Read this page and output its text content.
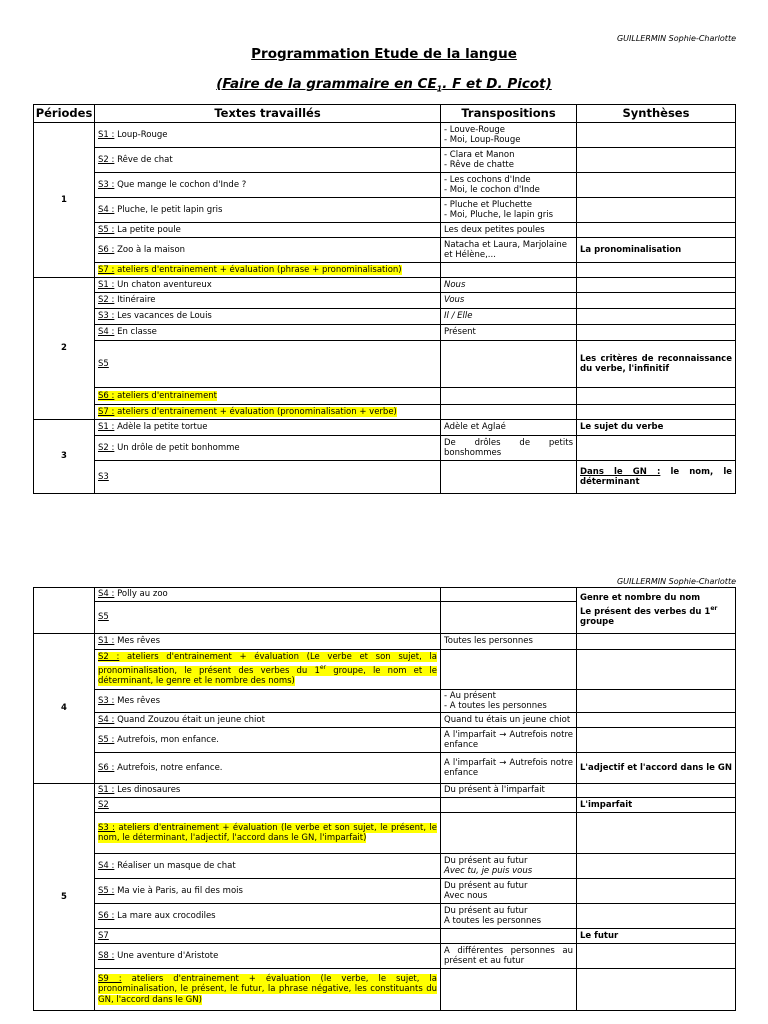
GUILLERMIN Sophie-Charlotte
Programmation Etude de la langue
(Faire de la grammaire en $CE_1$. F et D. Picot)
Périodes	Textes travaillés	Transpositions	Synthèses
1	S1 : Loup-Rouge	- Louve-Rouge
- Moi, Loup-Rouge	

	S2 : Rêve de chat	- Clara et Manon
- Rêve de chatte	

	S3 : Que mange le cochon d'Inde ?	- Les cochons d'Inde
- Moi, le cochon d'Inde	

	S4 : Pluche, le petit lapin gris	- Pluche et Pluchette
- Moi, Pluche, le lapin gris	

	S5 : La petite poule	Les deux petites poules	

	S6 : Zoo à la maison	Natacha et Laura, Marjolaine
et Hélène,...	La pronominalisation
	S7 : ateliers d'entrainement + évaluation (phrase + pronominalisation)		
2	S1 : Un chaton aventureux	Nous	
	S2 : Itinéraire	Vous	
	S3 : Les vacances de Louis	Il / Elle	
	S4 : En classe	Présent	
	S5		Les critères de reconnaissance du verbe, l'infinitif
	S6 : ateliers d'entrainement		
	S7 : ateliers d'entrainement + évaluation (pronominalisation + verbe)		
3	S1 : Adèle la petite tortue	Adèle et Aglaé	Le sujet du verbe
	S2 : Un drôle de petit bonhomme	De drôles de petits bonshommes	
	S3		Dans le GN : le nom, le déterminant
GUILLERMIN Sophie-Charlotte
	S4 : Polly au zoo		Genre et nombre du nom
Le présent des verbes du 1er
groupe

	S5		
4	S1 : Mes rêves	Toutes les personnes	
	S2 : ateliers d'entrainement + évaluation (Le verbe et son sujet, la pronominalisation, le présent des verbes du 1er groupe, le nom et le déterminant, le genre et le nombre des noms)		
	S3 : Mes rêves	- Au présent
- A toutes les personnes	

	S4 : Quand Zouzou était un jeune chiot	Quand tu étais un jeune chiot	
	S5 : Autrefois, mon enfance.	A l'imparfait → Autrefois notre enfance	
	S6 : Autrefois, notre enfance.	A l'imparfait → Autrefois notre enfance	L'adjectif et l'accord dans le GN
5	S1 : Les dinosaures	Du présent à l'imparfait	
	S2		L'imparfait
	S3 : ateliers d'entrainement + évaluation (le verbe et son sujet, le présent, le nom, le déterminant, l'adjectif, l'accord dans le GN, l'imparfait)		
	S4 : Réaliser un masque de chat	Du présent au futur
Avec tu, je puis vous	

	S5 : Ma vie à Paris, au fil des mois	Du présent au futur
Avec nous	

	S6 : La mare aux crocodiles	Du présent au futur
A toutes les personnes	

	S7		Le futur
	S8 : Une aventure d'Aristote	A différentes personnes au présent et au futur	
	S9 : ateliers d'entrainement + évaluation (le verbe, le sujet, la pronominalisation, le présent, le futur, la phrase négative, les constituants du GN, l'accord dans le GN)		
